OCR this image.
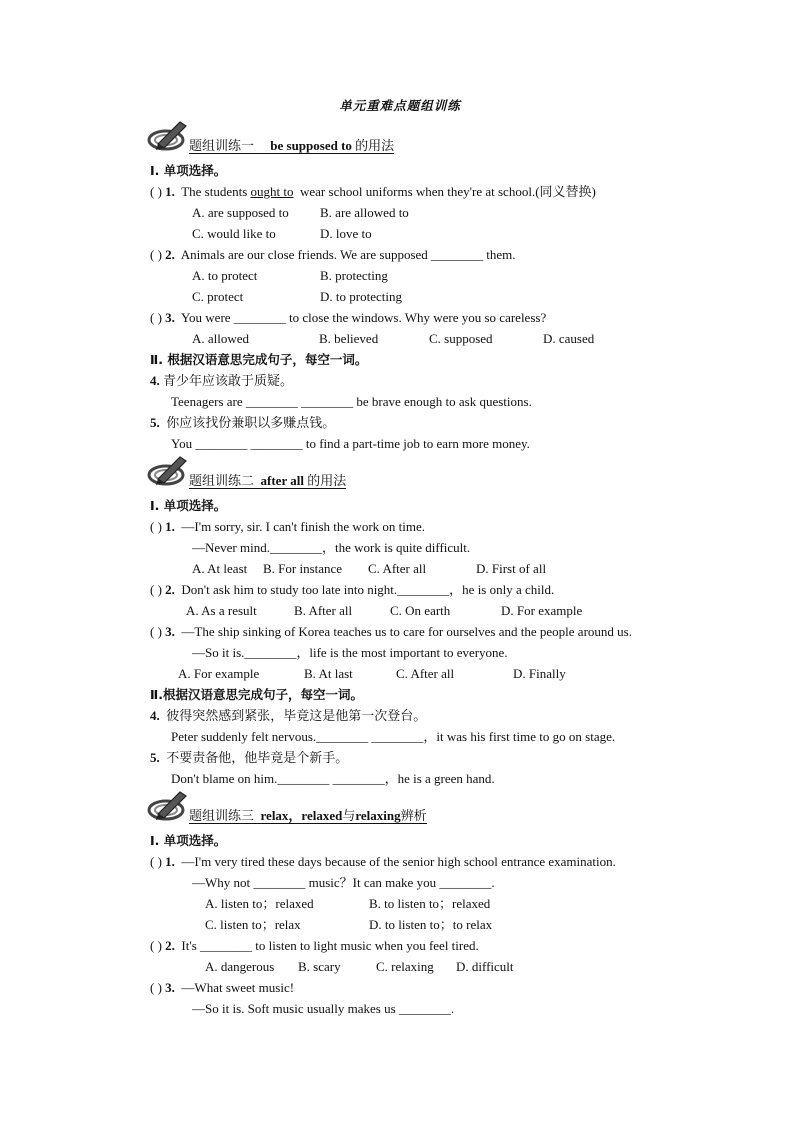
单元重难点题组训练
题组训练一 be supposed to 的用法
Ⅰ. 单项选择。
( ) 1. The students ought to wear school uniforms when they're at school.(同义替换)
A. are supposed to B. are allowed to
C. would like to	D. love to
( ) 2. Animals are our close friends. We are supposed ________ them.
A. to protect	B. protecting
C. protect	D. to protecting
( ) 3. You were ________ to close the windows. Why were you so careless?
A. allowed	B. believed	C. supposed	D. caused
Ⅱ. 根据汉语意思完成句子，每空一词。
4. 青少年应该敢于质疑。
Teenagers are ________ ________ be brave enough to ask questions.
5. 你应该找份兼职以多赚点钱。
You ________ ________ to find a part-time job to earn more money.
题组训练二 after all 的用法
Ⅰ. 单项选择。
( ) 1. —I'm sorry, sir. I can't finish the work on time.
—Never mind.________，the work is quite difficult.
A. At least B. For instance C. After all	D. First of all
( ) 2. Don't ask him to study too late into night.________，he is only a child.
A. As a result	B. After all	C. On earth	D. For example
( ) 3. —The ship sinking of Korea teaches us to care for ourselves and the people around us.
—So it is.________，life is the most important to everyone.
A. For example	B. At last	C. After all	D. Finally
Ⅱ.根据汉语意思完成句子，每空一词。
4. 彼得突然感到紧张，毕竟这是他第一次登台。
Peter suddenly felt nervous.________ ________，it was his first time to go on stage.
5. 不要责备他，他毕竟是个新手。
Don't blame on him.________ ________，he is a green hand.
题组训练三 relax，relaxed与relaxing辨析
Ⅰ. 单项选择。
( ) 1. —I'm very tired these days because of the senior high school entrance examination.
—Why not ________ music？It can make you ________.
A. listen to；relaxed	B. to listen to；relaxed
C. listen to；relax	D. to listen to；to relax
( ) 2. It's ________ to listen to light music when you feel tired.
A. dangerous B. scary	C. relaxing D. difficult
( ) 3. —What sweet music!
—So it is. Soft music usually makes us ________.
